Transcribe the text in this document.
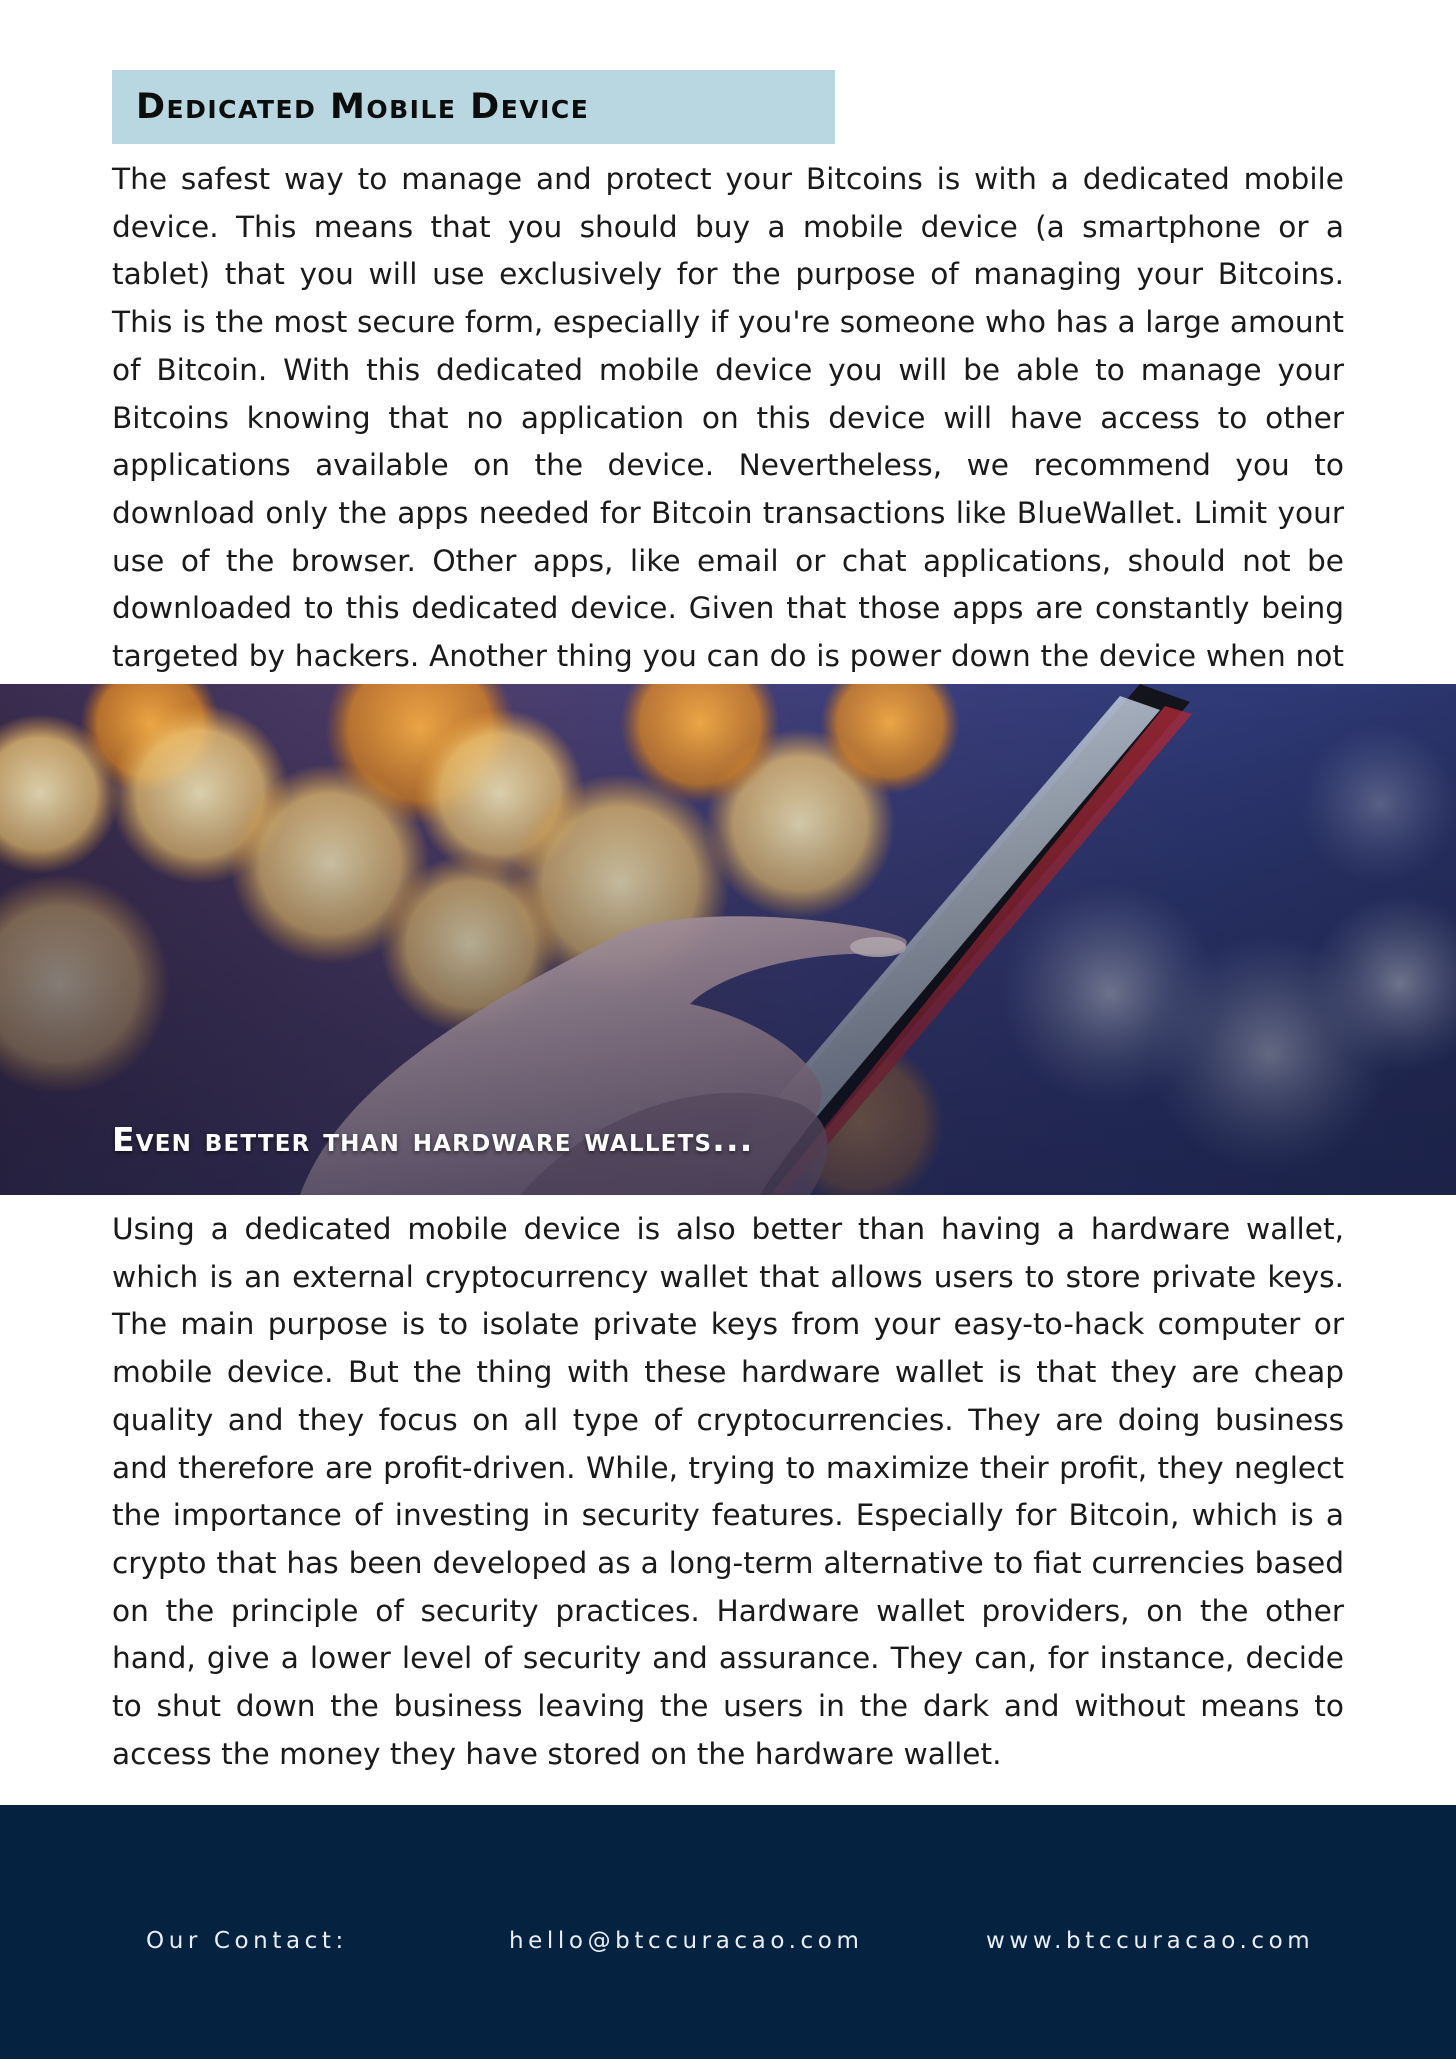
Dedicated Mobile Device

The safest way to manage and protect your Bitcoins is with a dedicated mobile device. This means that you should buy a mobile device (a smartphone or a tablet) that you will use exclusively for the purpose of managing your Bitcoins. This is the most secure form, especially if you're someone who has a large amount of Bitcoin. With this dedicated mobile device you will be able to manage your Bitcoins knowing that no application on this device will have access to other applications available on the device. Nevertheless, we recommend you to download only the apps needed for Bitcoin transactions like BlueWallet. Limit your use of the browser. Other apps, like email or chat applications, should not be downloaded to this dedicated device. Given that those apps are constantly being targeted by hackers. Another thing you can do is power down the device when not

Even better than hardware wallets...

Using a dedicated mobile device is also better than having a hardware wallet, which is an external cryptocurrency wallet that allows users to store private keys. The main purpose is to isolate private keys from your easy-to-hack computer or mobile device. But the thing with these hardware wallet is that they are cheap quality and they focus on all type of cryptocurrencies. They are doing business and therefore are profit-driven. While, trying to maximize their profit, they neglect the importance of investing in security features. Especially for Bitcoin, which is a crypto that has been developed as a long-term alternative to fiat currencies based on the principle of security practices. Hardware wallet providers, on the other hand, give a lower level of security and assurance. They can, for instance, decide to shut down the business leaving the users in the dark and without means to access the money they have stored on the hardware wallet.

Our Contact:	hello@btccuracao.com	www.btccuracao.com
